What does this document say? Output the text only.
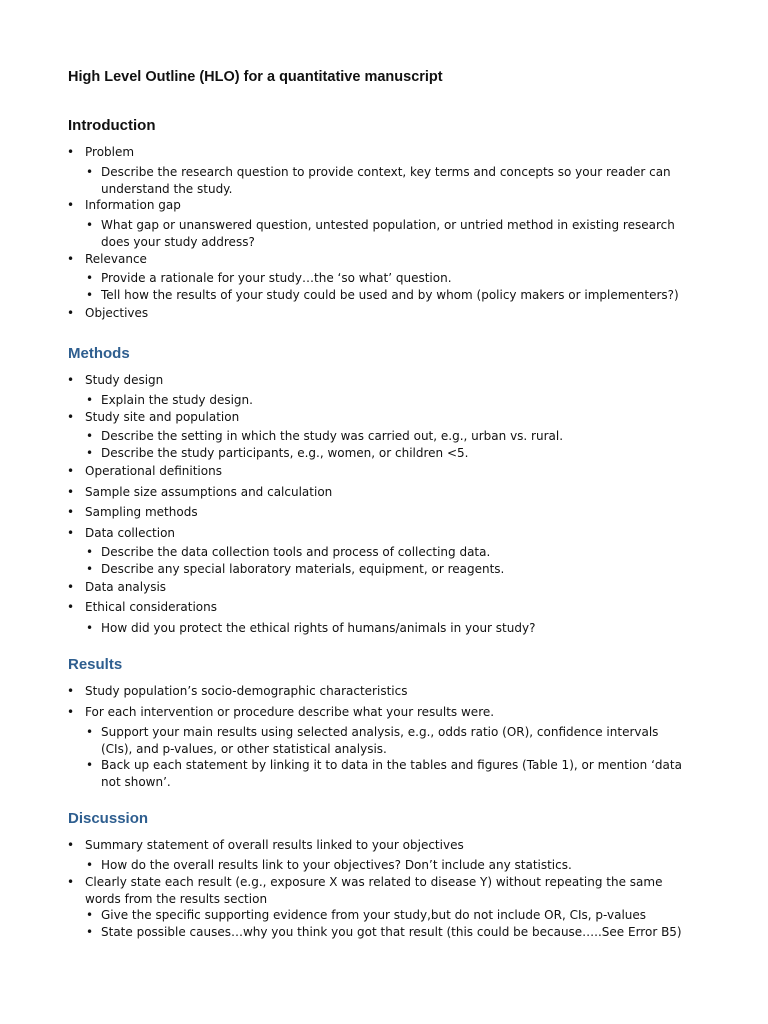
High Level Outline (HLO) for a quantitative manuscript
Introduction
• Problem
• Describe the research question to provide context, key terms and concepts so your reader can understand the study.
• Information gap
• What gap or unanswered question, untested population, or untried method in existing research does your study address?
• Relevance
• Provide a rationale for your study…the ‘so what’ question.
• Tell how the results of your study could be used and by whom (policy makers or implementers?)
• Objectives
Methods
• Study design
• Explain the study design.
• Study site and population
• Describe the setting in which the study was carried out, e.g., urban vs. rural.
• Describe the study participants, e.g., women, or children <5.
• Operational definitions
• Sample size assumptions and calculation
• Sampling methods
• Data collection
• Describe the data collection tools and process of collecting data.
• Describe any special laboratory materials, equipment, or reagents.
• Data analysis
• Ethical considerations
• How did you protect the ethical rights of humans/animals in your study?
Results
• Study population’s socio-demographic characteristics
• For each intervention or procedure describe what your results were.
• Support your main results using selected analysis, e.g., odds ratio (OR), confidence intervals (CIs), and p-values, or other statistical analysis.
• Back up each statement by linking it to data in the tables and figures (Table 1), or mention ‘data not shown’.
Discussion
• Summary statement of overall results linked to your objectives
• How do the overall results link to your objectives? Don’t include any statistics.
• Clearly state each result (e.g., exposure X was related to disease Y) without repeating the same words from the results section
• Give the specific supporting evidence from your study,but do not include OR, CIs, p-values
• State possible causes…why you think you got that result (this could be because…..See Error B5)
